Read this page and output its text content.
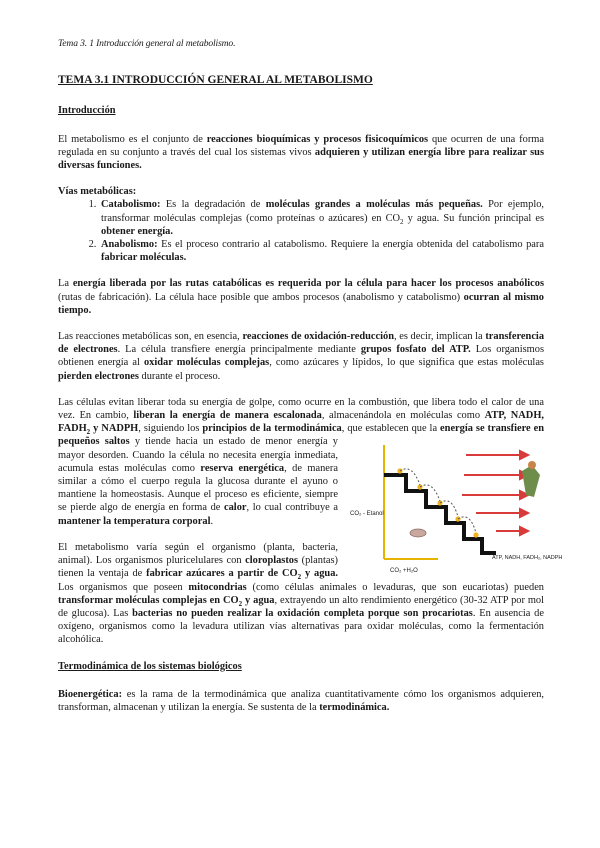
Tema 3. 1 Introducción general al metabolismo.
TEMA 3.1 INTRODUCCIÓN GENERAL AL METABOLISMO
Introducción

El metabolismo es el conjunto de reacciones bioquímicas y procesos fisicoquímicos que ocurren de una forma regulada en su conjunto a través del cual los sistemas vivos adquieren y utilizan energía libre para realizar sus diversas funciones.

Vías metabólicas:
1. Catabolismo: Es la degradación de moléculas grandes a moléculas más pequeñas. Por ejemplo, transformar moléculas complejas (como proteínas o azúcares) en $CO_2$ y agua. Su función principal es obtener energía.
2. Anabolismo: Es el proceso contrario al catabolismo. Requiere la energía obtenida del catabolismo para fabricar moléculas.

La energía liberada por las rutas catabólicas es requerida por la célula para hacer los procesos anabólicos (rutas de fabricación). La célula hace posible que ambos procesos (anabolismo y catabolismo) ocurran al mismo tiempo.

Las reacciones metabólicas son, en esencia, reacciones de oxidación-reducción, es decir, implican la transferencia de electrones. La célula transfiere energía principalmente mediante grupos fosfato del ATP. Los organismos obtienen energía al oxidar moléculas complejas, como azúcares y lípidos, lo que significa que estas moléculas pierden electrones durante el proceso.

Las células evitan liberar toda su energía de golpe, como ocurre en la combustión, que libera todo el calor de una vez. En cambio, liberan la energía de manera escalonada, almacenándola en moléculas como ATP, NADH, $FADH_2$ y NADPH, siguiendo los principios de la termodinámica
CO₂ - Etanol
CO₂ +H₂O
ATP, NADH, FADH₂, NADPH
, que establecen que la energía se transfiere en pequeños saltos y tiende hacia un estado de menor energía y mayor desorden. Cuando la célula no necesita energía inmediata, acumula estas moléculas como reserva energética, de manera similar a cómo el cuerpo regula la glucosa durante el ayuno o mantiene la homeostasis. Aunque el proceso es eficiente, siempre se pierde algo de energía en forma de calor, lo cual contribuye a mantener la temperatura corporal.

El metabolismo varía según el organismo (planta, bacteria, animal). Los organismos pluricelulares con cloroplastos (plantas) tienen la ventaja de fabricar azúcares a partir de $CO_2$ y agua. Los organismos que poseen mitocondrias (como células animales o levaduras, que son eucariotas) pueden transformar moléculas complejas en $CO_2$ y agua, extrayendo un alto rendimiento energético (30-32 ATP por mol de glucosa). Las bacterias no pueden realizar la oxidación completa porque son procariotas. En ausencia de oxígeno, organismos como la levadura utilizan vías alternativas para oxidar moléculas, como la fermentación alcohólica.

Termodinámica de los sistemas biológicos

Bioenergética: es la rama de la termodinámica que analiza cuantitativamente cómo los organismos adquieren, transforman, almacenan y utilizan la energía. Se sustenta de la termodinámica.
